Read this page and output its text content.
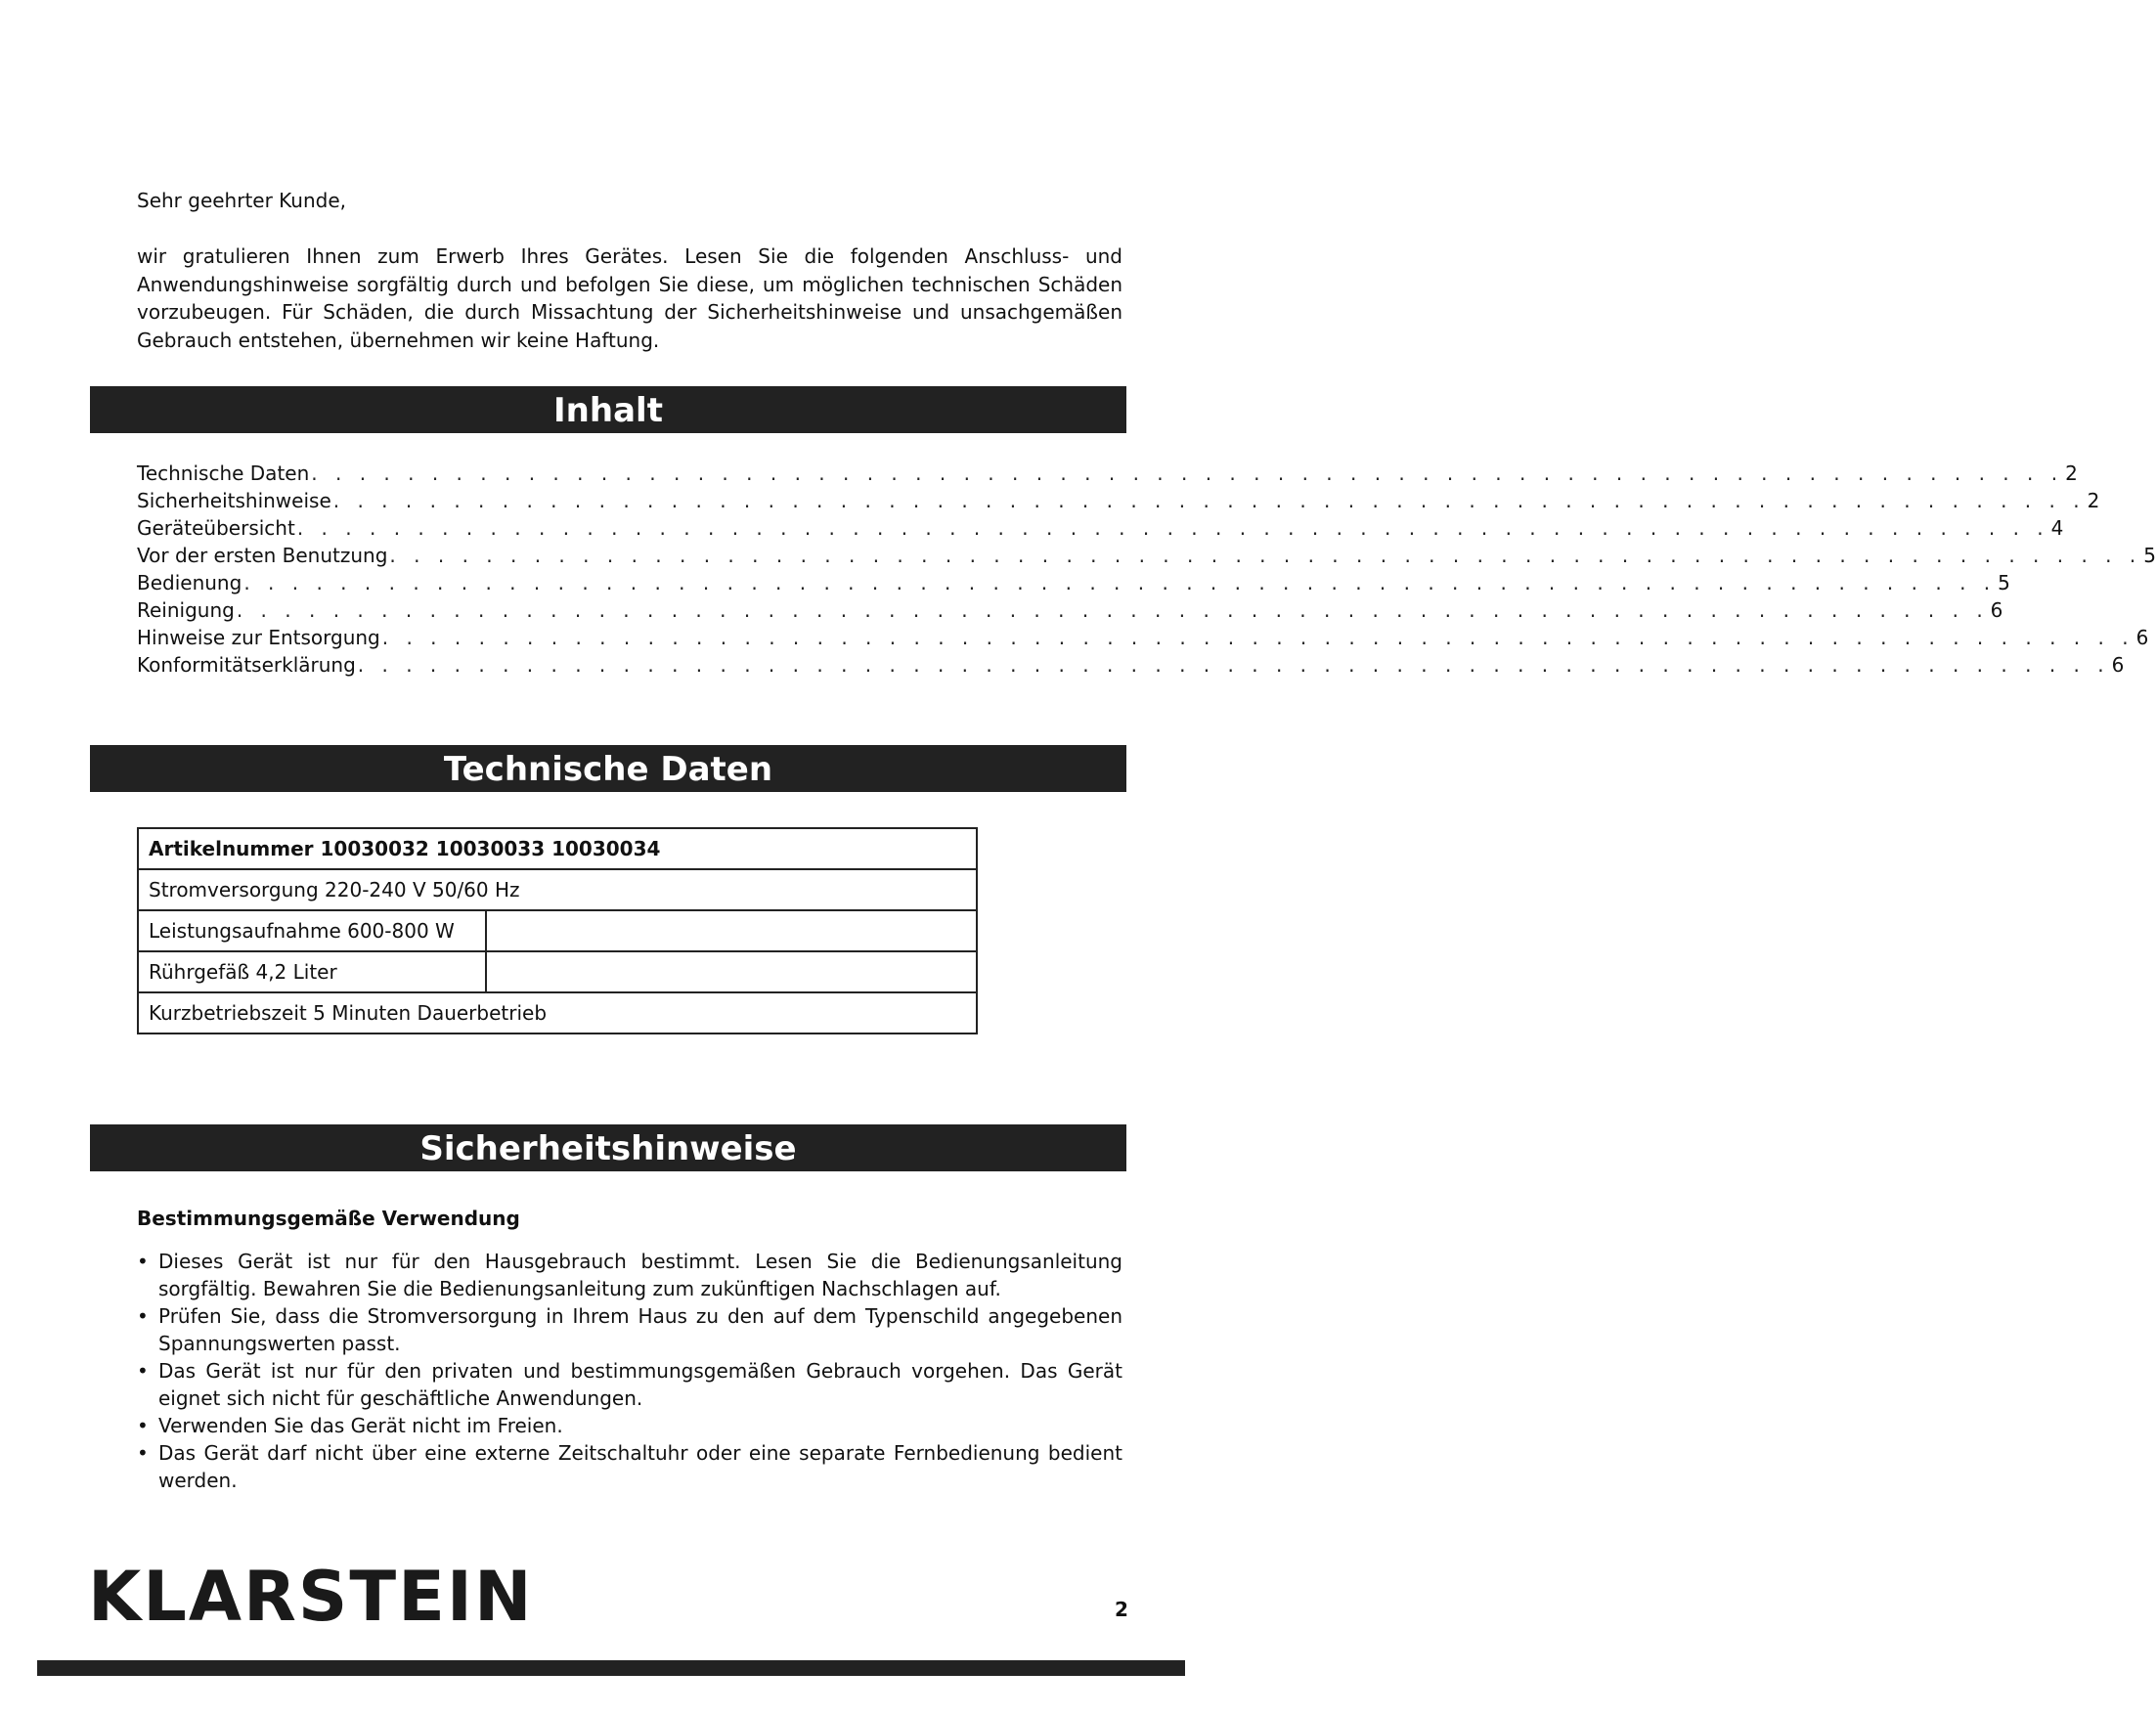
Sehr geehrter Kunde,
wir gratulieren Ihnen zum Erwerb Ihres Gerätes. Lesen Sie die folgenden Anschluss- und Anwendungshinweise sorgfältig durch und befolgen Sie diese, um möglichen technischen Schäden vorzubeugen. Für Schäden, die durch Missachtung der Sicherheitshinweise und unsachgemäßen Gebrauch entstehen, übernehmen wir keine Haftung.
Inhalt
Technische Daten . . . . . . . . . . . . . . . . . . . . . . . . . . . . . . . . . . . . . . . . . . . . . . . . . . . . . . . . . . . . . . . . . . . . . . . . . 2
Sicherheitshinweise . . . . . . . . . . . . . . . . . . . . . . . . . . . . . . . . . . . . . . . . . . . . . . . . . . . . . . . . . . . . . . . . . . . . . . . . . 2
Geräteübersicht . . . . . . . . . . . . . . . . . . . . . . . . . . . . . . . . . . . . . . . . . . . . . . . . . . . . . . . . . . . . . . . . . . . . . . . . . 4
Vor der ersten Benutzung . . . . . . . . . . . . . . . . . . . . . . . . . . . . . . . . . . . . . . . . . . . . . . . . . . . . . . . . . . . . . . . . . . . . . . . . . 5
Bedienung . . . . . . . . . . . . . . . . . . . . . . . . . . . . . . . . . . . . . . . . . . . . . . . . . . . . . . . . . . . . . . . . . . . . . . . . . 5
Reinigung . . . . . . . . . . . . . . . . . . . . . . . . . . . . . . . . . . . . . . . . . . . . . . . . . . . . . . . . . . . . . . . . . . . . . . . . . 6
Hinweise zur Entsorgung . . . . . . . . . . . . . . . . . . . . . . . . . . . . . . . . . . . . . . . . . . . . . . . . . . . . . . . . . . . . . . . . . . . . . . . . . 6
Konformitätserklärung . . . . . . . . . . . . . . . . . . . . . . . . . . . . . . . . . . . . . . . . . . . . . . . . . . . . . . . . . . . . . . . . . . . . . . . . . 6
Technische Daten
Artikelnummer 10030032 10030033 10030034	
Stromversorgung 220-240 V 50/60 Hz	
Leistungsaufnahme 600-800 W	
Rührgefäß 4,2 Liter	
Kurzbetriebszeit 5 Minuten Dauerbetrieb	
Sicherheitshinweise
Bestimmungsgemäße Verwendung
• Dieses Gerät ist nur für den Hausgebrauch bestimmt. Lesen Sie die Bedienungsanleitung sorgfältig. Bewahren Sie die Bedienungsanleitung zum zukünftigen Nachschlagen auf.
• Prüfen Sie, dass die Stromversorgung in Ihrem Haus zu den auf dem Typenschild angegebenen Spannungswerten passt.
• Das Gerät ist nur für den privaten und bestimmungsgemäßen Gebrauch vorgehen. Das Gerät eignet sich nicht für geschäftliche Anwendungen.
• Verwenden Sie das Gerät nicht im Freien.
• Das Gerät darf nicht über eine externe Zeitschaltuhr oder eine separate Fernbedienung bedient werden.
KLARSTEIN	2
